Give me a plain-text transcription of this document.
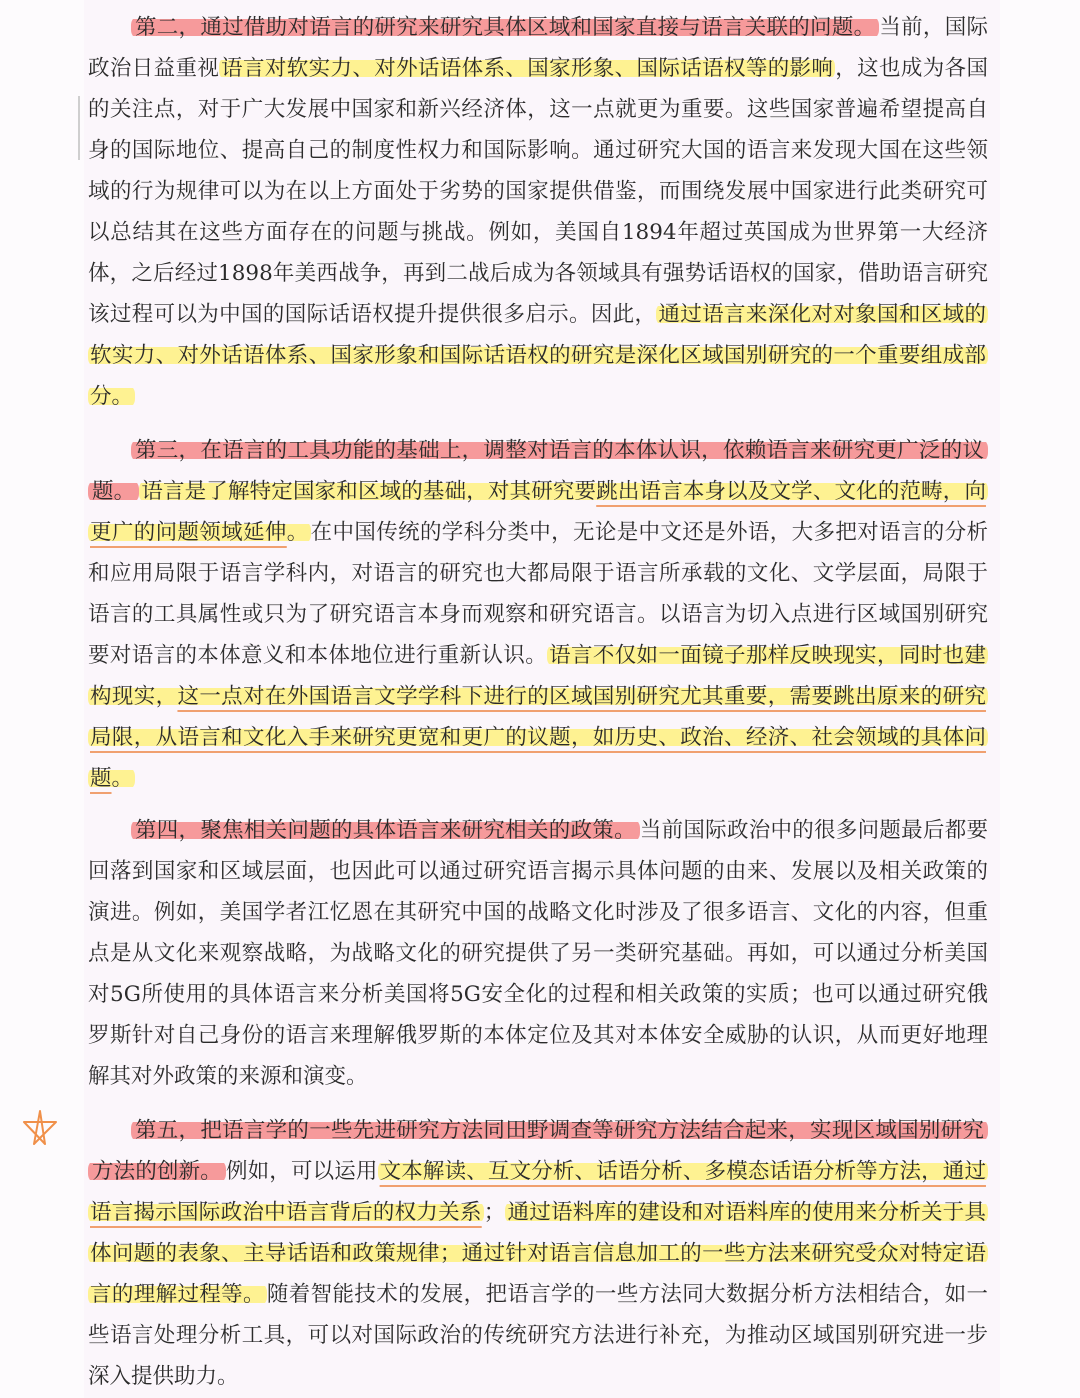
第二，通过借助对语言的研究来研究具体区域和国家直接与语言关联的问题。 当前，国际政治日益重视语言对软实力、对外话语体系、国家形象、国际话语权等的影响，这也成为各国的关注点，对于广大发展中国家和新兴经济体，这一点就更为重要。这些国家普遍希望提高自身的国际地位、提高自己的制度性权力和国际影响。通过研究大国的语言来发现大国在这些领域的行为规律可以为在以上方面处于劣势的国家提供借鉴，而围绕发展中国家进行此类研究可以总结其在这些方面存在的问题与挑战。例如，美国自1894年超过英国成为世界第一大经济体，之后经过1898年美西战争，再到二战后成为各领域具有强势话语权的国家，借助语言研究该过程可以为中国的国际话语权提升提供很多启示。因此，通过语言来深化对对象国和区域的软实力、对外话语体系、国家形象和国际话语权的研究是深化区域国别研究的一个重要组成部分。

第三，在语言的工具功能的基础上，调整对语言的本体认识，依赖语言来研究更广泛的议题。 语言是了解特定国家和区域的基础，对其研究要跳出语言本身以及文学、文化的范畴，向更广的问题领域延伸。在中国传统的学科分类中，无论是中文还是外语，大多把对语言的分析和应用局限于语言学科内，对语言的研究也大都局限于语言所承载的文化、文学层面，局限于语言的工具属性或只为了研究语言本身而观察和研究语言。以语言为切入点进行区域国别研究要对语言的本体意义和本体地位进行重新认识。语言不仅如一面镜子那样反映现实，同时也建构现实，这一点对在外国语言文学学科下进行的区域国别研究尤其重要，需要跳出原来的研究局限，从语言和文化入手来研究更宽和更广的议题，如历史、政治、经济、社会领域的具体问题。

第四，聚焦相关问题的具体语言来研究相关的政策。 当前国际政治中的很多问题最后都要回落到国家和区域层面，也因此可以通过研究语言揭示具体问题的由来、发展以及相关政策的演进。例如，美国学者江忆恩在其研究中国的战略文化时涉及了很多语言、文化的内容，但重点是从文化来观察战略，为战略文化的研究提供了另一类研究基础。再如，可以通过分析美国对5G所使用的具体语言来分析美国将5G安全化的过程和相关政策的实质；也可以通过研究俄罗斯针对自己身份的语言来理解俄罗斯的本体定位及其对本体安全威胁的认识，从而更好地理解其对外政策的来源和演变。

第五，把语言学的一些先进研究方法同田野调查等研究方法结合起来，实现区域国别研究方法的创新。 例如，可以运用文本解读、互文分析、话语分析、多模态话语分析等方法，通过语言揭示国际政治中语言背后的权力关系；通过语料库的建设和对语料库的使用来分析关于具体问题的表象、主导话语和政策规律；通过针对语言信息加工的一些方法来研究受众对特定语言的理解过程等。随着智能技术的发展，把语言学的一些方法同大数据分析方法相结合，如一些语言处理分析工具，可以对国际政治的传统研究方法进行补充，为推动区域国别研究进一步深入提供助力。
